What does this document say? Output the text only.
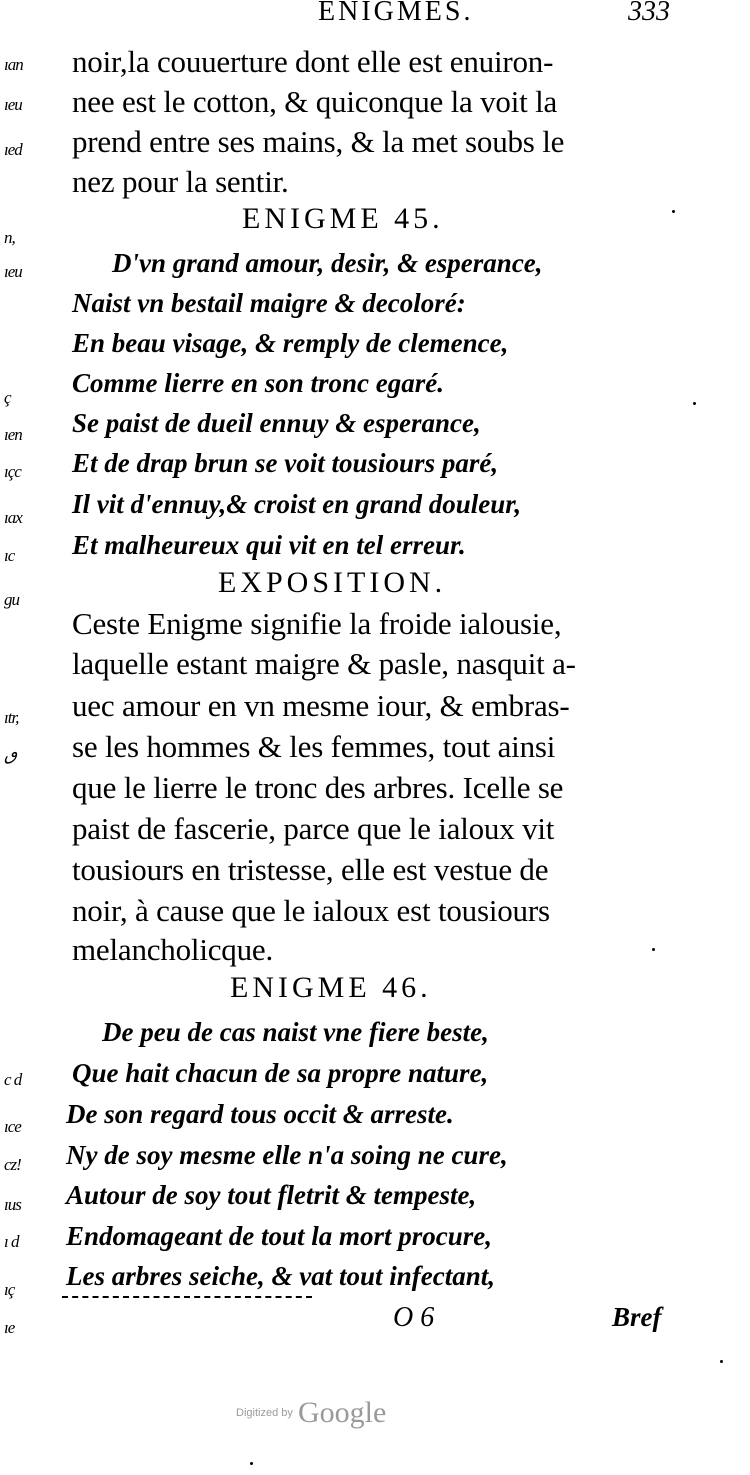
ıan
ıeu
ıed
n,
ıeu
ç
ıen
ıçc
ıax
ıc
gu
ıtr,
ٯ
c d
ıce
cz!
ıus
ı d
ıç
ıe
ENIGMES.	333
noir,la couuerture dont elle est enuiron-
nee est le cotton, & quiconque la voit la
prend entre ses mains, & la met soubs le
nez pour la sentir.
ENIGME 45.
D'vn grand amour, desir, & esperance,
Naist vn bestail maigre & decoloré:
En beau visage, & remply de clemence,
Comme lierre en son tronc egaré.
Se paist de dueil ennuy & esperance,
Et de drap brun se voit tousiours paré,
Il vit d'ennuy,& croist en grand douleur,
Et malheureux qui vit en tel erreur.
EXPOSITION.
Ceste Enigme signifie la froide ialousie,
laquelle estant maigre & pasle, nasquit a-
uec amour en vn mesme iour, & embras-
se les hommes & les femmes, tout ainsi
que le lierre le tronc des arbres. Icelle se
paist de fascerie, parce que le ialoux vit
tousiours en tristesse, elle est vestue de
noir, à cause que le ialoux est tousiours
melancholicque.
ENIGME 46.
De peu de cas naist vne fiere beste,
Que hait chacun de sa propre nature,
De son regard tous occit & arreste.
Ny de soy mesme elle n'a soing ne cure,
Autour de soy tout fletrit & tempeste,
Endomageant de tout la mort procure,
Les arbres seiche, & vat tout infectant,
O 6	Bref
Digitized by Google
